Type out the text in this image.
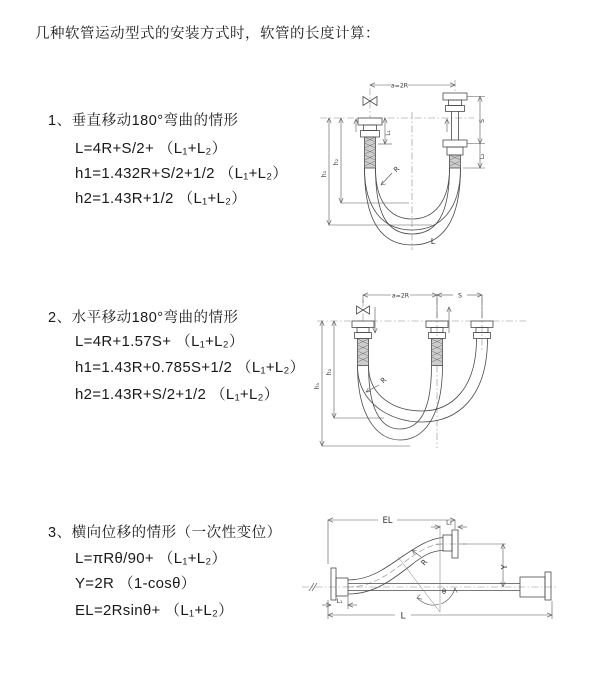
几种软管运动型式的安装方式时，软管的长度计算：
1、垂直移动180°弯曲的情形
L=4R+S/2+ （L₁+L₂）
h1=1.432R+S/2+1/2 （L₁+L₂）
h2=1.43R+1/2 （L₁+L₂）
2、水平移动180°弯曲的情形
L=4R+1.57S+ （L₁+L₂）
h1=1.43R+0.785S+1/2 （L₁+L₂）
h2=1.43R+S/2+1/2 （L₁+L₂）
3、横向位移的情形（一次性变位）
L=πRθ/90+ （L₁+L₂）
Y=2R （1-cosθ）
EL=2Rsinθ+ （L₁+L₂）
a=2R
L₁
h₁
h₂
S
L₂
R
L
a=2R	S
h₁
h₂
R
EL	L₂
Y
R
θ
L₁
L
